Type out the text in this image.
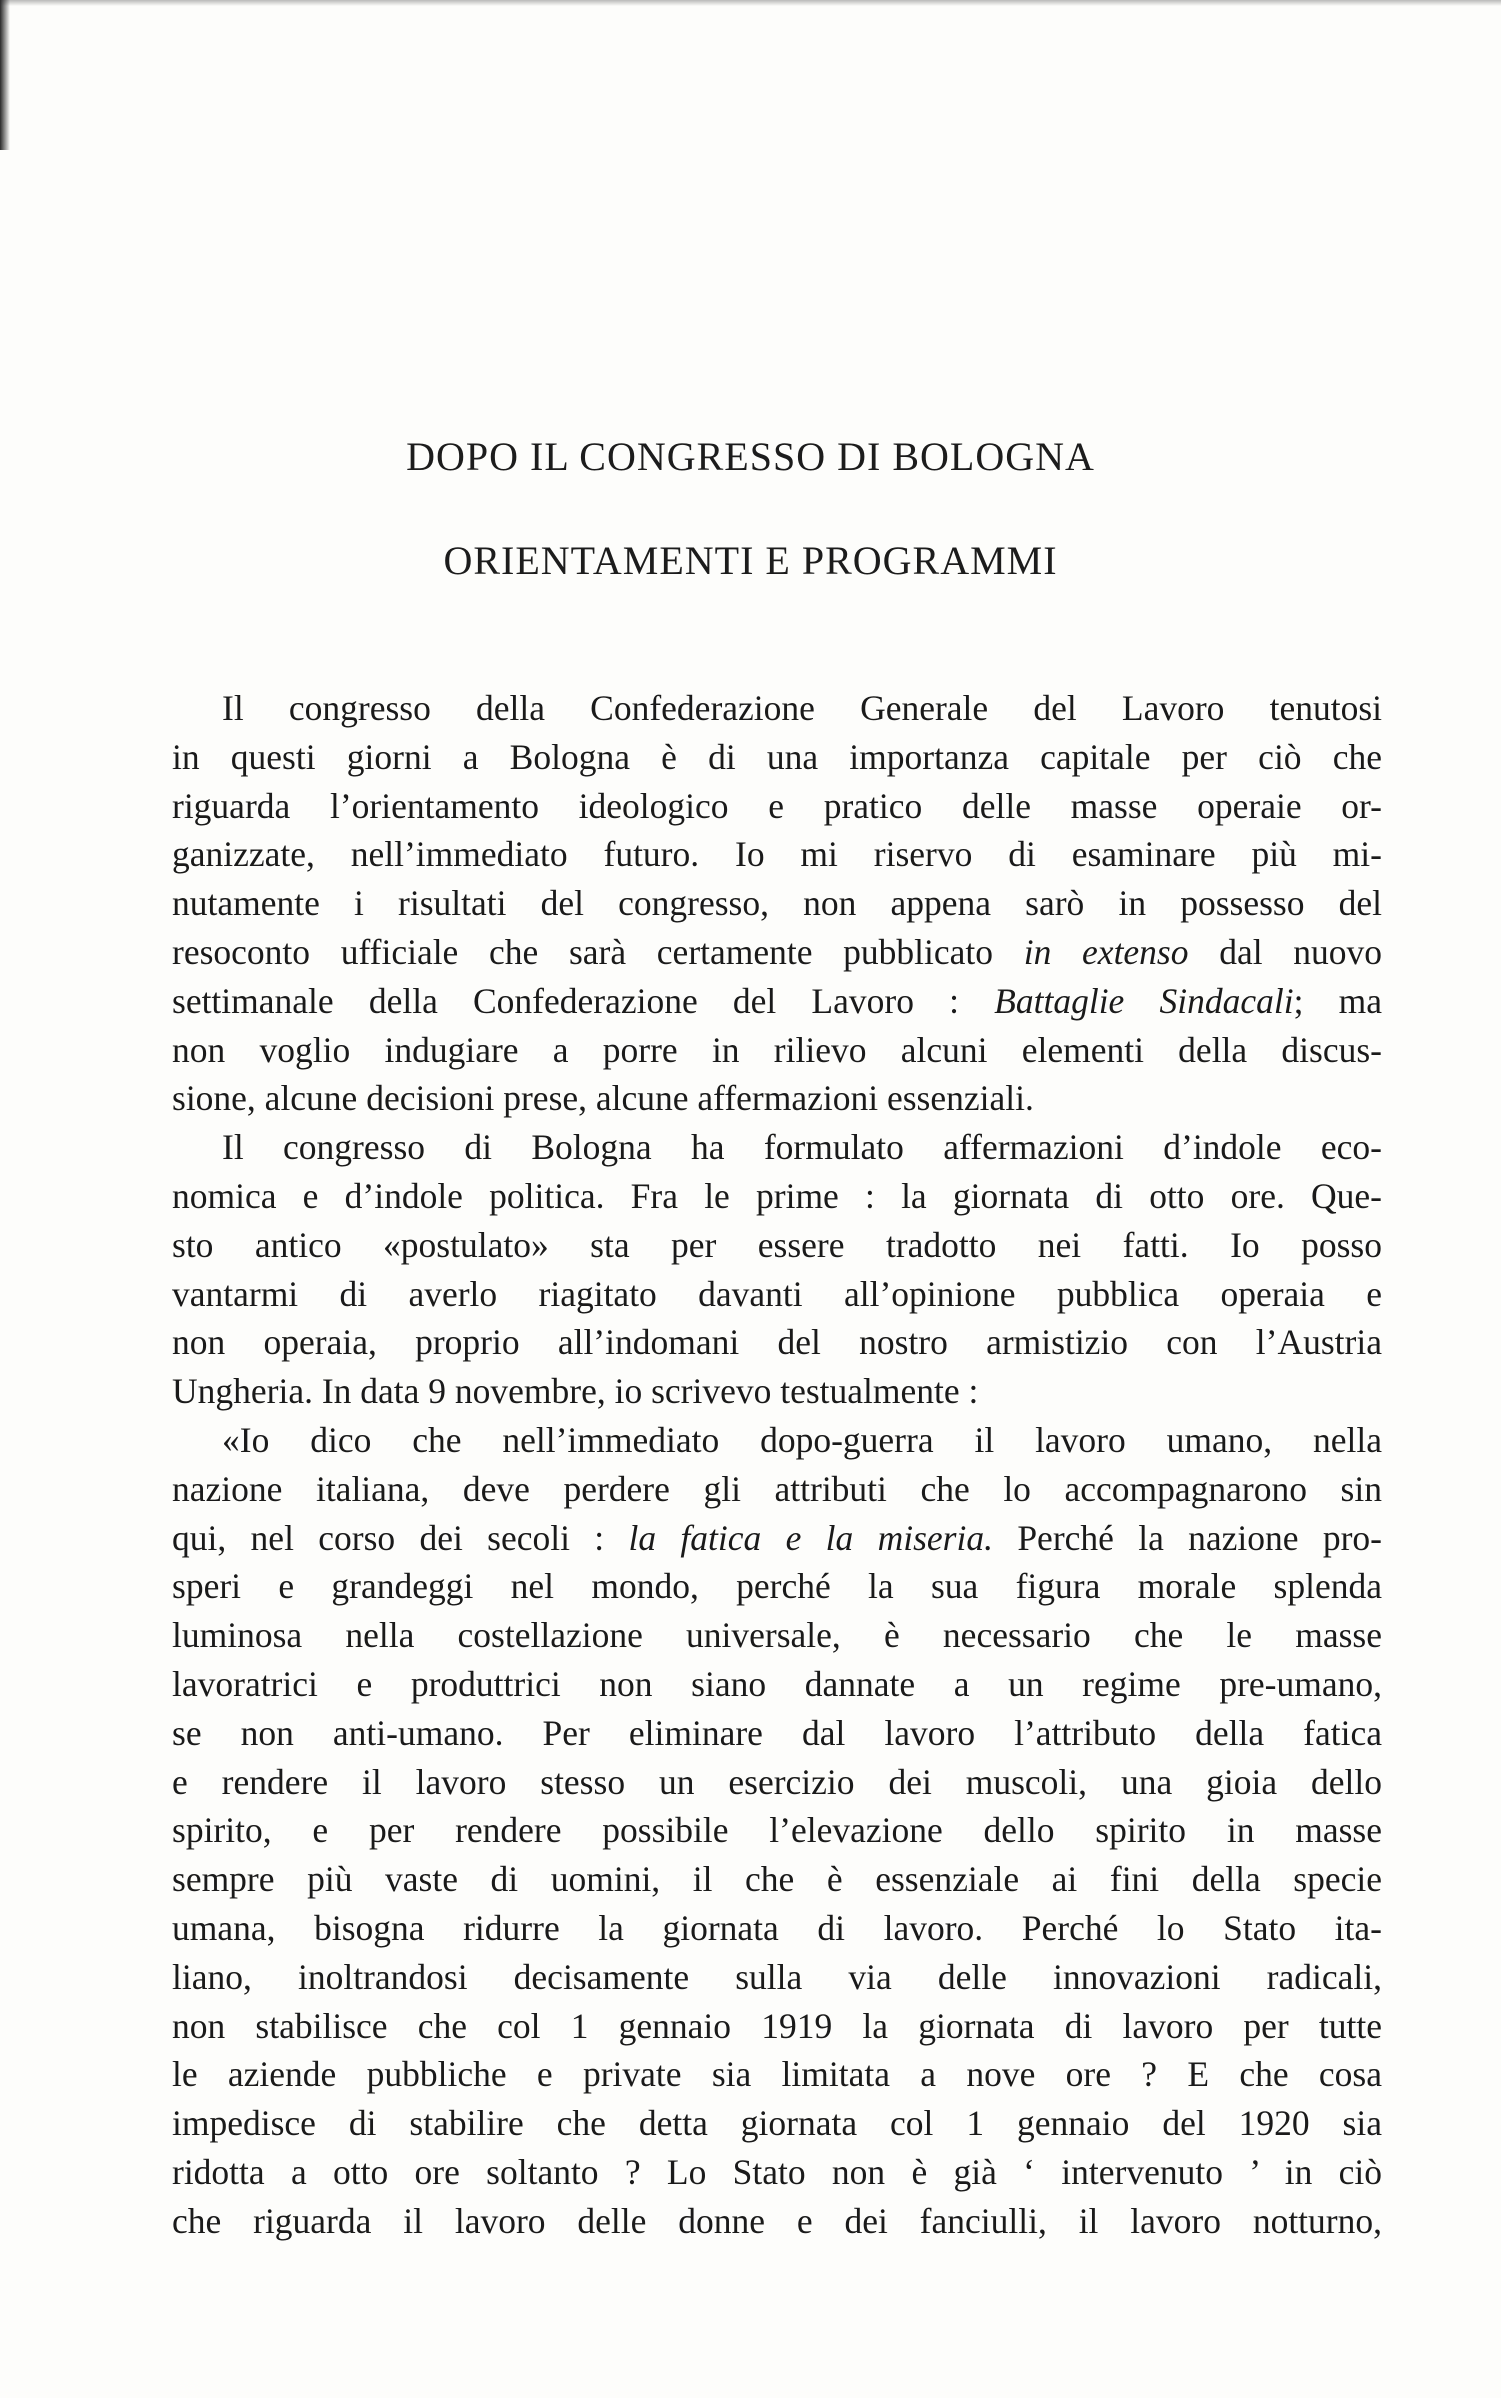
DOPO IL CONGRESSO DI BOLOGNA
ORIENTAMENTI E PROGRAMMI
Il congresso della Confederazione Generale del Lavoro tenutosi
in questi giorni a Bologna è di una importanza capitale per ciò che
riguarda l’orientamento ideologico e pratico delle masse operaie or-
ganizzate, nell’immediato futuro. Io mi riservo di esaminare più mi-
nutamente i risultati del congresso, non appena sarò in possesso del
resoconto ufficiale che sarà certamente pubblicato in extenso dal nuovo
settimanale della Confederazione del Lavoro : Battaglie Sindacali; ma
non voglio indugiare a porre in rilievo alcuni elementi della discus-
sione, alcune decisioni prese, alcune affermazioni essenziali.
Il congresso di Bologna ha formulato affermazioni d’indole eco-
nomica e d’indole politica. Fra le prime : la giornata di otto ore. Que-
sto antico «postulato» sta per essere tradotto nei fatti. Io posso
vantarmi di averlo riagitato davanti all’opinione pubblica operaia e
non operaia, proprio all’indomani del nostro armistizio con l’Austria
Ungheria. In data 9 novembre, io scrivevo testualmente :
«Io dico che nell’immediato dopo-guerra il lavoro umano, nella
nazione italiana, deve perdere gli attributi che lo accompagnarono sin
qui, nel corso dei secoli : la fatica e la miseria. Perché la nazione pro-
speri e grandeggi nel mondo, perché la sua figura morale splenda
luminosa nella costellazione universale, è necessario che le masse
lavoratrici e produttrici non siano dannate a un regime pre-umano,
se non anti-umano. Per eliminare dal lavoro l’attributo della fatica
e rendere il lavoro stesso un esercizio dei muscoli, una gioia dello
spirito, e per rendere possibile l’elevazione dello spirito in masse
sempre più vaste di uomini, il che è essenziale ai fini della specie
umana, bisogna ridurre la giornata di lavoro. Perché lo Stato ita-
liano, inoltrandosi decisamente sulla via delle innovazioni radicali,
non stabilisce che col 1 gennaio 1919 la giornata di lavoro per tutte
le aziende pubbliche e private sia limitata a nove ore ? E che cosa
impedisce di stabilire che detta giornata col 1 gennaio del 1920 sia
ridotta a otto ore soltanto ? Lo Stato non è già ‘ intervenuto ’ in ciò
che riguarda il lavoro delle donne e dei fanciulli, il lavoro notturno,
